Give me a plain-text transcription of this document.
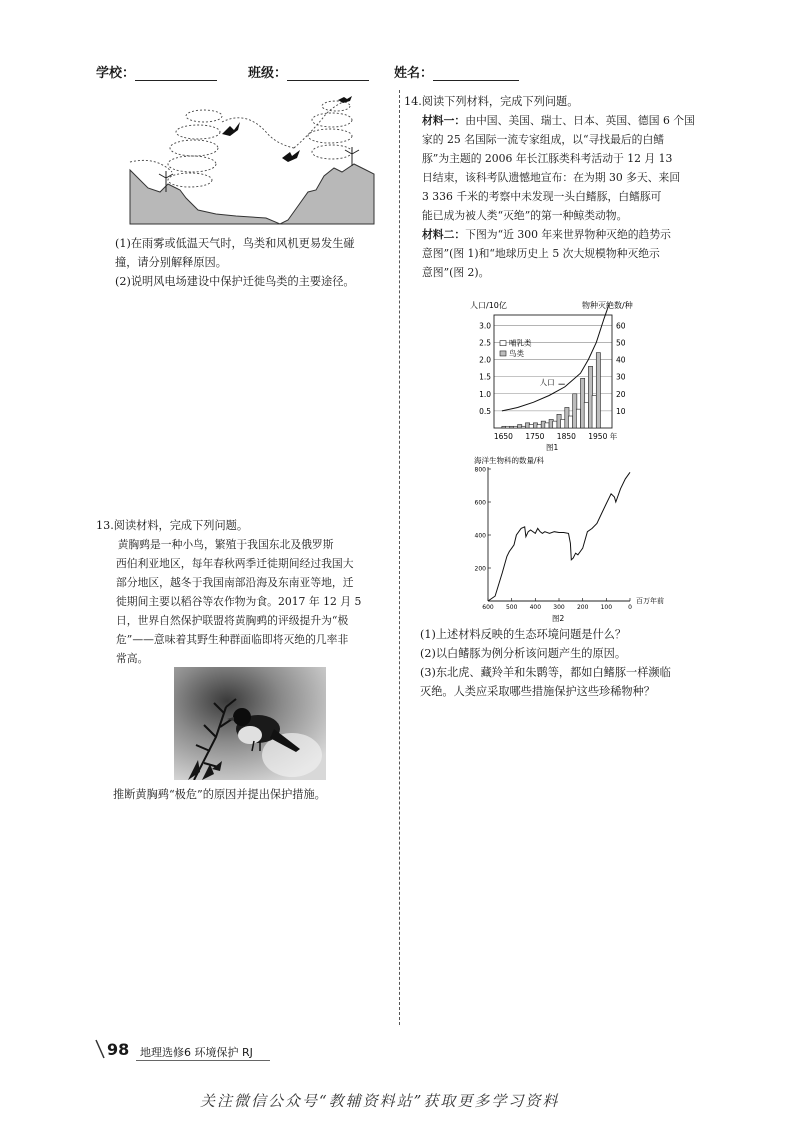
学校：	班级：	姓名：

(1)在雨雾或低温天气时，鸟类和风机更易发生碰

撞，请分别解释原因。

(2)说明风电场建设中保护迁徙鸟类的主要途径。

13.阅读材料，完成下列问题。

黄胸鹀是一种小鸟，繁殖于我国东北及俄罗斯

西伯利亚地区，每年春秋两季迁徙期间经过我国大

部分地区，越冬于我国南部沿海及东南亚等地，迁

徙期间主要以稻谷等农作物为食。2017 年 12 月 5

日，世界自然保护联盟将黄胸鹀的评级提升为“极

危”——意味着其野生种群面临即将灭绝的几率非

常高。

推断黄胸鹀“极危”的原因并提出保护措施。

14.阅读下列材料，完成下列问题。

材料一：由中国、美国、瑞士、日本、英国、德国 6 个国

家的 25 名国际一流专家组成，以“寻找最后的白鳍

豚”为主题的 2006 年长江豚类科考活动于 12 月 13

日结束，该科考队遗憾地宣布：在为期 30 多天、来回

3 336 千米的考察中未发现一头白鳍豚，白鳍豚可

能已成为被人类“灭绝”的第一种鲸类动物。

材料二：下图为“近 300 年来世界物种灭绝的趋势示

意图”(图 1)和“地球历史上 5 次大规模物种灭绝示

意图”(图 2)。

人口/10亿	物种灭绝数/种
0.5
1.0
1.5
2.0
2.5
3.0
10
20
30
40
50
60
人口
哺乳类
鸟类
1650 1750 1850 1950 年
图1
海洋生物科的数量/科
200
400
600
800
600 500 400 300 200 100	0
百万年前
图2

(1)上述材料反映的生态环境问题是什么？

(2)以白鳍豚为例分析该问题产生的原因。

(3)东北虎、藏羚羊和朱鹮等，都如白鳍豚一样濒临

灭绝。人类应采取哪些措施保护这些珍稀物种？

98 地理选修6 环境保护 RJ
关注微信公众号“教辅资料站”获取更多学习资料
